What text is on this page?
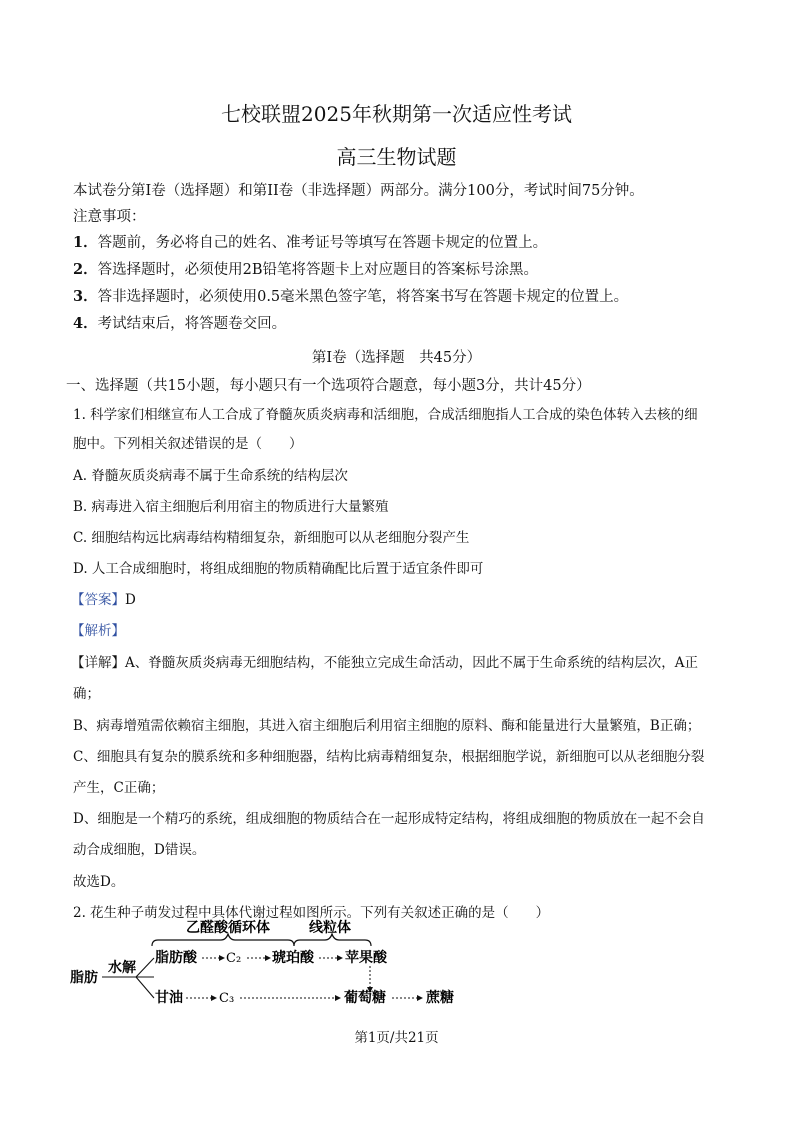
七校联盟2025年秋期第一次适应性考试
高三生物试题
本试卷分第I卷（选择题）和第II卷（非选择题）两部分。满分100分，考试时间75分钟。
注意事项：
1．答题前，务必将自己的姓名、准考证号等填写在答题卡规定的位置上。
2．答选择题时，必须使用2B铅笔将答题卡上对应题目的答案标号涂黑。
3．答非选择题时，必须使用0.5毫米黑色签字笔，将答案书写在答题卡规定的位置上。
4．考试结束后，将答题卷交回。
第I卷（选择题　共45分）
一、选择题（共15小题，每小题只有一个选项符合题意，每小题3分，共计45分）
1. 科学家们相继宣布人工合成了脊髓灰质炎病毒和活细胞，合成活细胞指人工合成的染色体转入去核的细
胞中。下列相关叙述错误的是（　　）
A. 脊髓灰质炎病毒不属于生命系统的结构层次
B. 病毒进入宿主细胞后利用宿主的物质进行大量繁殖
C. 细胞结构远比病毒结构精细复杂，新细胞可以从老细胞分裂产生
D. 人工合成细胞时，将组成细胞的物质精确配比后置于适宜条件即可
【答案】D
【解析】
【详解】A、脊髓灰质炎病毒无细胞结构，不能独立完成生命活动，因此不属于生命系统的结构层次，A正
确；
B、病毒增殖需依赖宿主细胞，其进入宿主细胞后利用宿主细胞的原料、酶和能量进行大量繁殖，B正确；
C、细胞具有复杂的膜系统和多种细胞器，结构比病毒精细复杂，根据细胞学说，新细胞可以从老细胞分裂
产生，C正确；
D、细胞是一个精巧的系统，组成细胞的物质结合在一起形成特定结构，将组成细胞的物质放在一起不会自
动合成细胞，D错误。
故选D。
2. 花生种子萌发过程中具体代谢过程如图所示。下列有关叙述正确的是（　　）
乙醛酸循环体	线粒体
脂肪
水解
脂肪酸 C₂ 琥珀酸 苹果酸
甘油	C₃	葡萄糖	蔗糖
第1页/共21页
